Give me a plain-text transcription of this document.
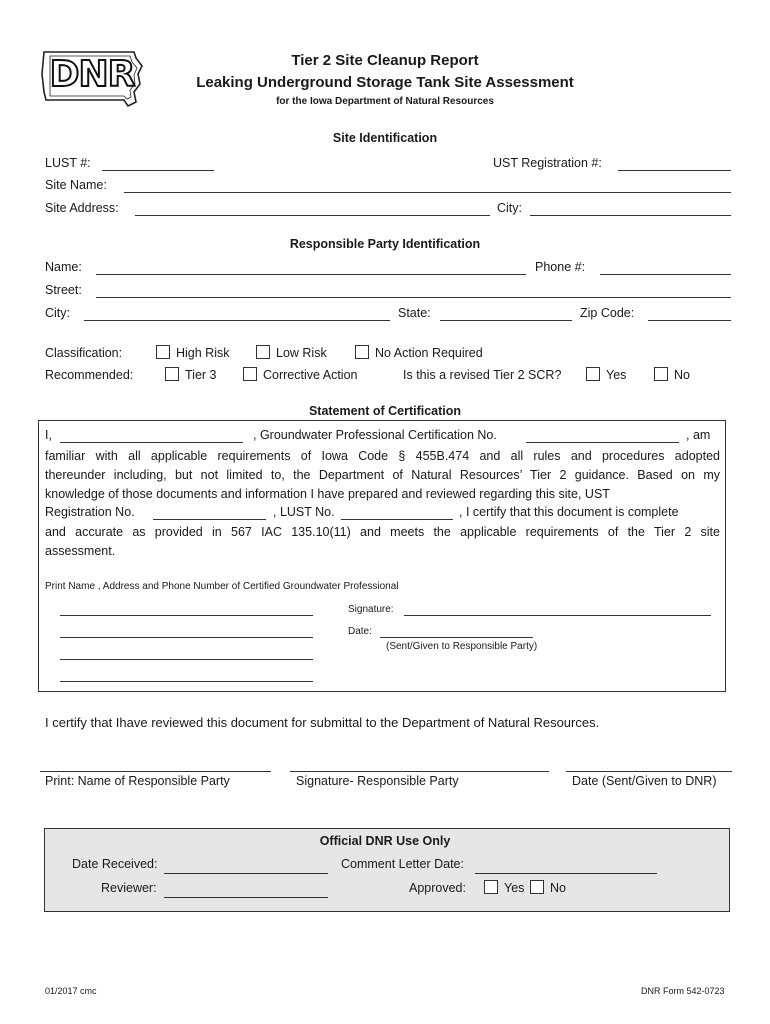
DNR	Tier 2 Site Cleanup Report
Leaking Underground Storage Tank Site Assessment
for the Iowa Department of Natural Resources
Site Identification
LUST #:	UST Registration #:
Site Name:
Site Address:	City:
Responsible Party Identification
Name:	Phone #:
Street:
City:	State:	Zip Code:
Classification:	High Risk	Low Risk	No Action Required
Recommended:	Tier 3	Corrective Action	Is this a revised Tier 2 SCR?	Yes	No
Statement of Certification
I,	, Groundwater Professional Certification No.	, am
familiar with all applicable requirements of Iowa Code § 455B.474 and all rules and procedures adopted
thereunder including, but not limited to, the Department of Natural Resources’ Tier 2 guidance. Based on my
knowledge of those documents and information I have prepared and reviewed regarding this site, UST
Registration No.	, LUST No.	, I certify that this document is complete
and accurate as provided in 567 IAC 135.10(11) and meets the applicable requirements of the Tier 2 site
assessment.
Print Name , Address and Phone Number of Certified Groundwater Professional
Signature:
Date:
(Sent/Given to Responsible Party)
I certify that Ihave reviewed this document for submittal to the Department of Natural Resources.
Print: Name of Responsible Party	Signature- Responsible Party	Date (Sent/Given to DNR)
Official DNR Use Only
Date Received:	Comment Letter Date:
Reviewer:	Approved:	Yes No
01/2017 cmc	DNR Form 542-0723
